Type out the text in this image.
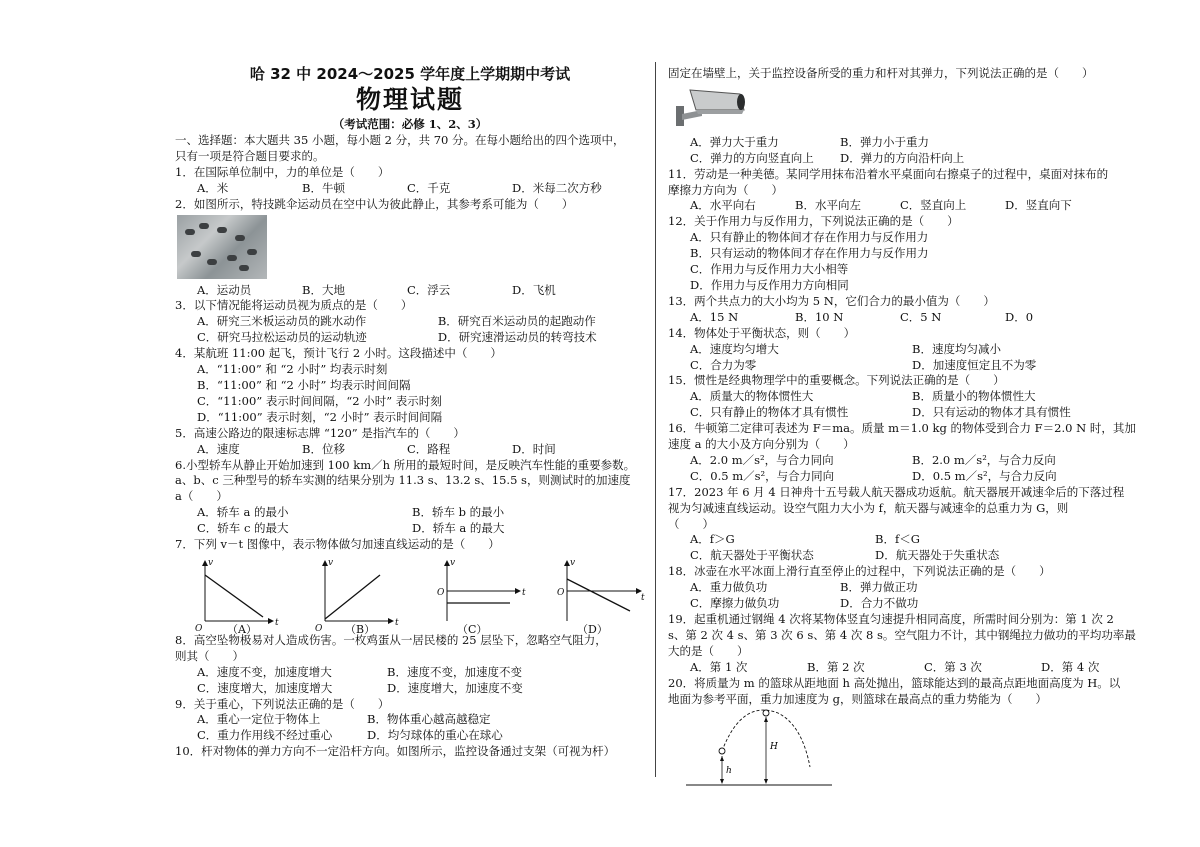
哈 32 中 2024～2025 学年度上学期期中考试
物理试题
（考试范围：必修 1、2、3）
一、选择题：本大题共 35 小题，每小题 2 分，共 70 分。在每小题给出的四个选项中，
只有一项是符合题目要求的。
1．在国际单位制中，力的单位是（　　）
A．米	B．牛顿	C．千克	D．米每二次方秒
2．如图所示，特技跳伞运动员在空中认为彼此静止，其参考系可能为（　　）
A．运动员	B．大地	C．浮云	D．飞机
3．以下情况能将运动员视为质点的是（　　）
A．研究三米板运动员的跳水动作	B．研究百米运动员的起跑动作
C．研究马拉松运动员的运动轨迹	D．研究速滑运动员的转弯技术
4．某航班 11:00 起飞，预计飞行 2 小时。这段描述中（　　）
A．“11:00” 和 “2 小时” 均表示时刻
B．“11:00” 和 “2 小时” 均表示时间间隔
C．“11:00” 表示时间间隔，“2 小时” 表示时刻
D．“11:00” 表示时刻，“2 小时” 表示时间间隔
5．高速公路边的限速标志牌 “120” 是指汽车的（　　）
A．速度	B．位移	C．路程	D．时间
6.小型轿车从静止开始加速到 100 km／h 所用的最短时间，是反映汽车性能的重要参数。
a、b、c 三种型号的轿车实测的结果分别为 11.3 s、13.2 s、15.5 s，则测试时的加速度
a（　　）
A．轿车 a 的最小	B．轿车 b 的最小
C．轿车 c 的最大	D．轿车 a 的最大
7．下列 v－t 图像中，表示物体做匀加速直线运动的是（　　）
v	v	v	v
t	t
t	t
O	O
O	O
（A）	（B）	（C）	（D）
8．高空坠物极易对人造成伤害。一枚鸡蛋从一居民楼的 25 层坠下，忽略空气阻力，
则其（　　）
A．速度不变，加速度增大	B．速度不变，加速度不变
C．速度增大，加速度增大	D．速度增大，加速度不变
9．关于重心，下列说法正确的是（　　）
A．重心一定位于物体上	B．物体重心越高越稳定
C．重力作用线不经过重心	D．均匀球体的重心在球心
10．杆对物体的弹力方向不一定沿杆方向。如图所示，监控设备通过支架（可视为杆）
固定在墙壁上，关于监控设备所受的重力和杆对其弹力，下列说法正确的是（　　）
A．弹力大于重力	B．弹力小于重力
C．弹力的方向竖直向上	D．弹力的方向沿杆向上
11．劳动是一种美德。某同学用抹布沿着水平桌面向右擦桌子的过程中，桌面对抹布的
摩擦力方向为（　　）
A．水平向右	B．水平向左	C．竖直向上	D．竖直向下
12．关于作用力与反作用力，下列说法正确的是（　　）
A．只有静止的物体间才存在作用力与反作用力
B．只有运动的物体间才存在作用力与反作用力
C．作用力与反作用力大小相等
D．作用力与反作用力方向相同
13．两个共点力的大小均为 5 N，它们合力的最小值为（　　）
A．15 N	B．10 N	C．5 N	D．0
14．物体处于平衡状态，则（　　）
A．速度均匀增大	B．速度均匀减小
C．合力为零	D．加速度恒定且不为零
15．惯性是经典物理学中的重要概念。下列说法正确的是（　　）
A．质量大的物体惯性大	B．质量小的物体惯性大
C．只有静止的物体才具有惯性	D．只有运动的物体才具有惯性
16．牛顿第二定律可表述为 F＝ma。质量 m＝1.0 kg 的物体受到合力 F＝2.0 N 时，其加
速度 a 的大小及方向分别为（　　）
A．2.0 m／s²，与合力同向	B．2.0 m／s²，与合力反向
C．0.5 m／s²，与合力同向	D．0.5 m／s²，与合力反向
17．2023 年 6 月 4 日神舟十五号载人航天器成功返航。航天器展开减速伞后的下落过程
视为匀减速直线运动。设空气阻力大小为 f，航天器与减速伞的总重力为 G，则
（　　）
A．f＞G	B．f＜G
C．航天器处于平衡状态	D．航天器处于失重状态
18．冰壶在水平冰面上滑行直至停止的过程中，下列说法正确的是（　　）
A．重力做负功	B．弹力做正功
C．摩擦力做负功	D．合力不做功
19．起重机通过钢绳 4 次将某物体竖直匀速提升相同高度，所需时间分别为：第 1 次 2
s、第 2 次 4 s、第 3 次 6 s、第 4 次 8 s。空气阻力不计，其中钢绳拉力做功的平均功率最
大的是（　　）
A．第 1 次	B．第 2 次	C．第 3 次	D．第 4 次
20．将质量为 m 的篮球从距地面 h 高处抛出，篮球能达到的最高点距地面高度为 H。以
地面为参考平面，重力加速度为 g，则篮球在最高点的重力势能为（　　）
h
H
